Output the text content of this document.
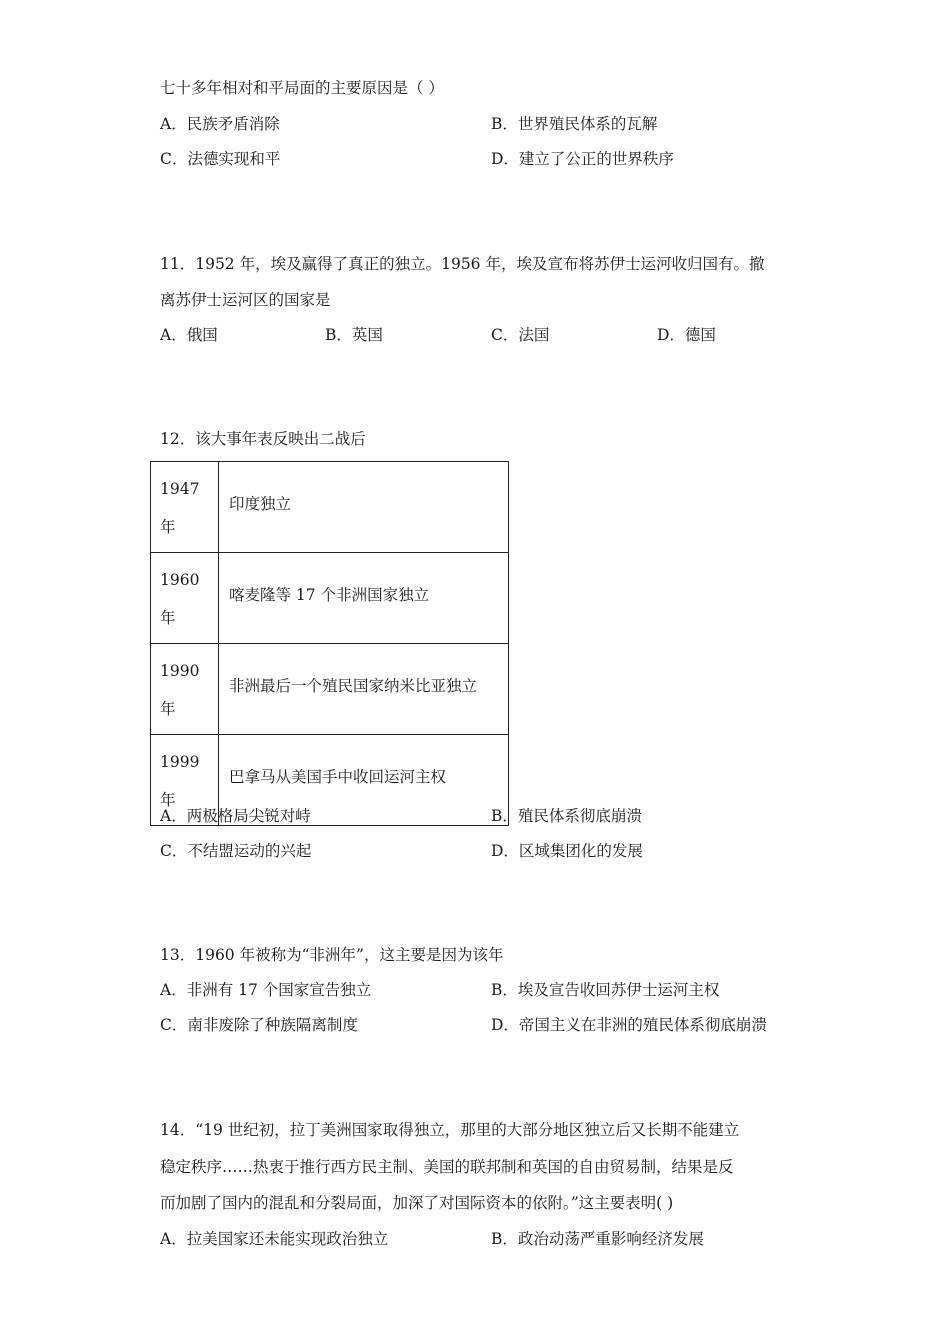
七十多年相对和平局面的主要原因是（ ）
A．民族矛盾消除	B．世界殖民体系的瓦解
C．法德实现和平	D．建立了公正的世界秩序
11．1952 年，埃及赢得了真正的独立。1956 年，埃及宣布将苏伊士运河收归国有。撤
离苏伊士运河区的国家是
A．俄国	B．英国	C．法国	D．德国
12．该大事年表反映出二战后
1947
年	印度独立

1960
年	喀麦隆等 17 个非洲国家独立

1990
年	非洲最后一个殖民国家纳米比亚独立

1999
年	巴拿马从美国手中收回运河主权
A．两极格局尖锐对峙	B．殖民体系彻底崩溃
C．不结盟运动的兴起	D．区域集团化的发展
13．1960 年被称为“非洲年”，这主要是因为该年
A．非洲有 17 个国家宣告独立	B．埃及宣告收回苏伊士运河主权
C．南非废除了种族隔离制度	D．帝国主义在非洲的殖民体系彻底崩溃
14．“19 世纪初，拉丁美洲国家取得独立，那里的大部分地区独立后又长期不能建立
稳定秩序……热衷于推行西方民主制、美国的联邦制和英国的自由贸易制，结果是反
而加剧了国内的混乱和分裂局面，加深了对国际资本的依附。”这主要表明( )
A．拉美国家还未能实现政治独立	B．政治动荡严重影响经济发展
